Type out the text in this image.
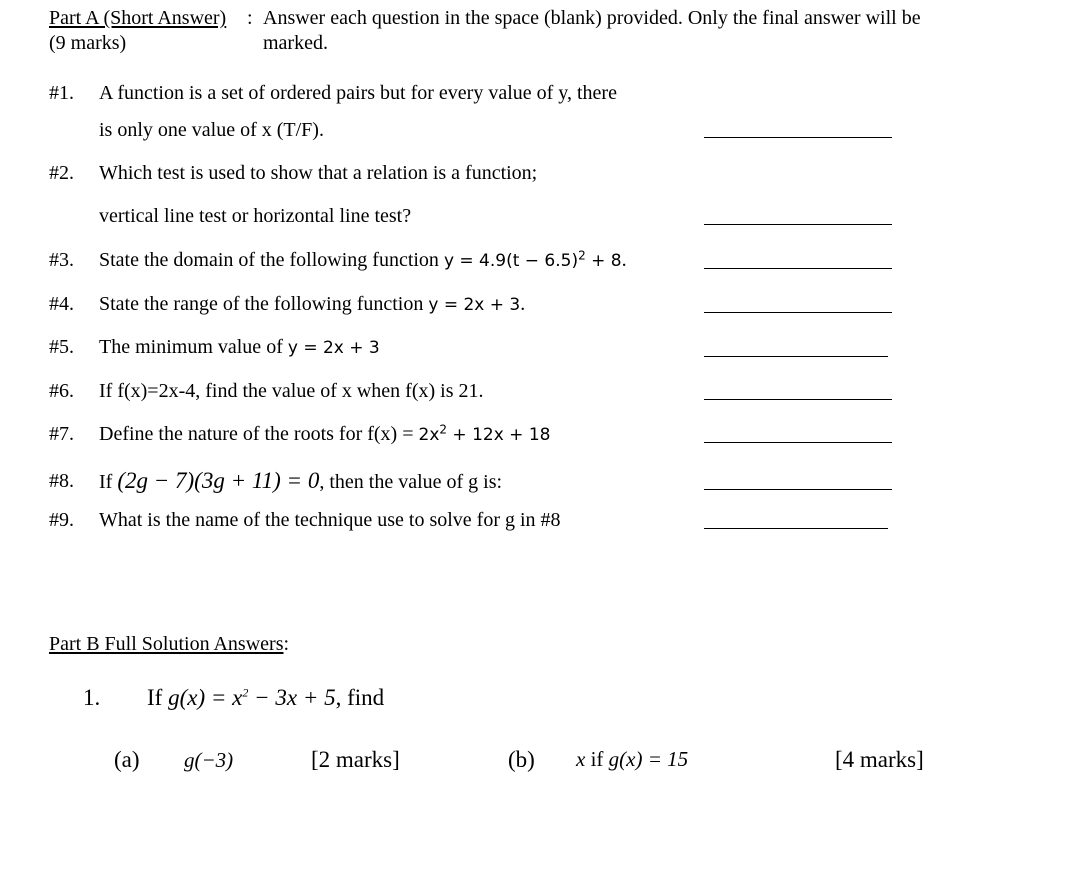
Part A (Short Answer) :
(9 marks)
Answer each question in the space (blank) provided. Only the final answer will be
marked.
#1. A function is a set of ordered pairs but for every value of y, there
is only one value of x (T/F).
#2. Which test is used to show that a relation is a function;
vertical line test or horizontal line test?
#3. State the domain of the following function $y = 4.9(t - 6.5)^2 + 8$.
#4. State the range of the following function y = 2x + 3.
#5. The minimum value of y = 2x + 3
#6. If f(x)=2x-4, find the value of x when f(x) is 21.
#7. Define the nature of the roots for $f(x) = 2x^2 + 12x + 18$
#8. If (2g − 7)(3g + 11) = 0, then the value of g is:
#9. What is the name of the technique use to solve for g in #8
Part B Full Solution Answers:
1. If $g(x) = x^2 - 3x + 5$, find
(a) g(−3)	[2 marks]	(b) x if g(x) = 15	[4 marks]
